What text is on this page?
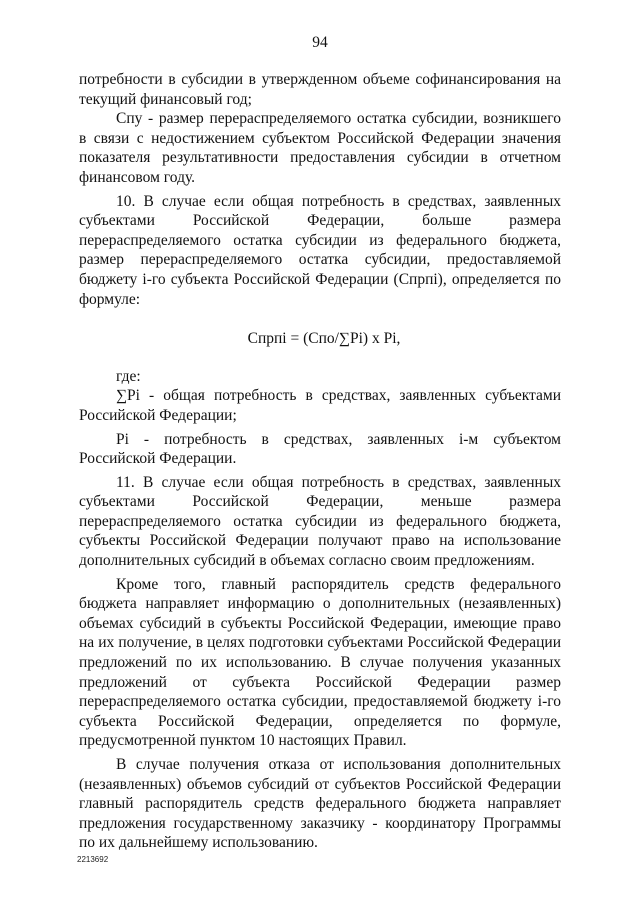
94

потребности в субсидии в утвержденном объеме софинансирования на текущий финансовый год;

Спу - размер перераспределяемого остатка субсидии, возникшего в связи с недостижением субъектом Российской Федерации значения показателя результативности предоставления субсидии в отчетном финансовом году.

10. В случае если общая потребность в средствах, заявленных субъектами Российской Федерации, больше размера перераспределяемого остатка субсидии из федерального бюджета, размер перераспределяемого остатка субсидии, предоставляемой бюджету i-го субъекта Российской Федерации (Спрпi), определяется по формуле:

Спрпi = (Спо/∑Pi) x Pi,

где:

∑Pi - общая потребность в средствах, заявленных субъектами Российской Федерации;

Pi - потребность в средствах, заявленных i-м субъектом Российской Федерации.

11. В случае если общая потребность в средствах, заявленных субъектами Российской Федерации, меньше размера перераспределяемого остатка субсидии из федерального бюджета, субъекты Российской Федерации получают право на использование дополнительных субсидий в объемах согласно своим предложениям.

Кроме того, главный распорядитель средств федерального бюджета направляет информацию о дополнительных (незаявленных) объемах субсидий в субъекты Российской Федерации, имеющие право на их получение, в целях подготовки субъектами Российской Федерации предложений по их использованию. В случае получения указанных предложений от субъекта Российской Федерации размер перераспределяемого остатка субсидии, предоставляемой бюджету i-го субъекта Российской Федерации, определяется по формуле, предусмотренной пунктом 10 настоящих Правил.

В случае получения отказа от использования дополнительных (незаявленных) объемов субсидий от субъектов Российской Федерации главный распорядитель средств федерального бюджета направляет предложения государственному заказчику - координатору Программы по их дальнейшему использованию.

2213692
